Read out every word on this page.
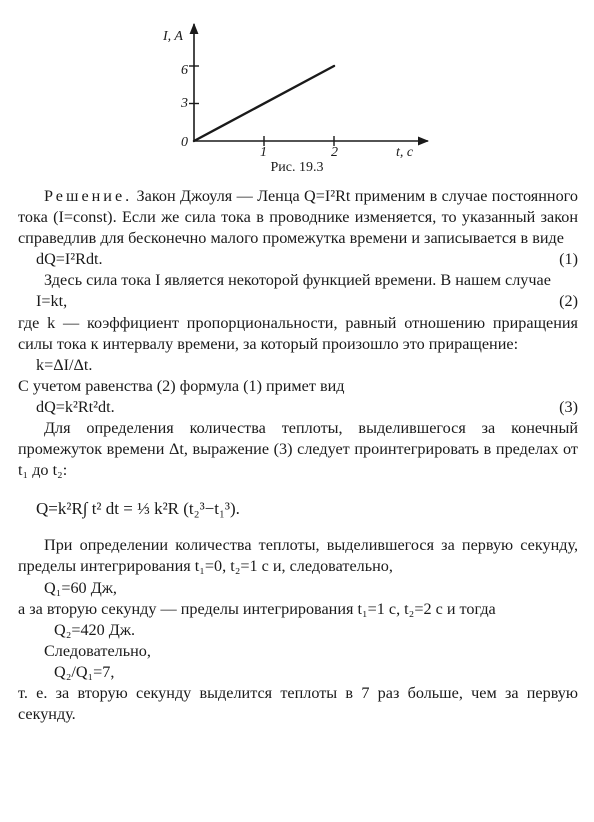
I, A
t, с
0
3
6
1	2
Рис. 19.3

Решение. Закон Джоуля — Ленца Q=I²Rt применим в случае постоянного тока (I=const). Если же сила тока в проводнике изменяется, то указанный закон справедлив для бесконечно малого промежутка времени и записывается в виде

dQ=I²Rdt.	(1)

Здесь сила тока I является некоторой функцией времени. В нашем случае

I=kt,	(2)

где k — коэффициент пропорциональности, равный отношению приращения силы тока к интервалу времени, за который произошло это приращение:

k=ΔI/Δt.

С учетом равенства (2) формула (1) примет вид

dQ=k²Rt²dt.	(3)

Для определения количества теплоты, выделившегося за конечный промежуток времени Δt, выражение (3) следует проинтегрировать в пределах от t₁ до t₂:

Q=k²R∫ t² dt = ⅓ k²R (t₂³−t₁³).

При определении количества теплоты, выделившегося за первую секунду, пределы интегрирования t₁=0, t₂=1 с и, следовательно,

Q₁=60 Дж,

а за вторую секунду — пределы интегрирования t₁=1 с, t₂=2 с и тогда

Q₂=420 Дж.

Следовательно,

Q₂/Q₁=7,

т. е. за вторую секунду выделится теплоты в 7 раз больше, чем за первую секунду.
